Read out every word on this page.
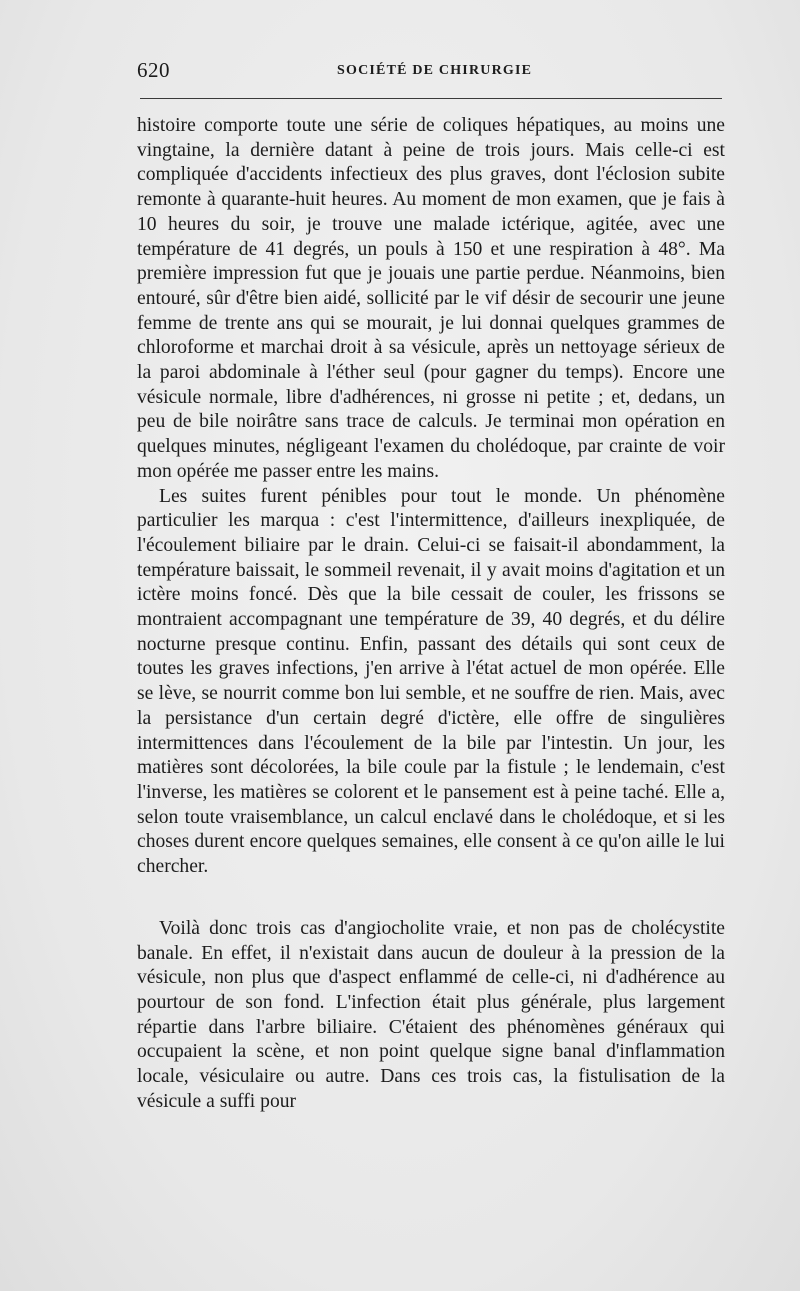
620	SOCIÉTÉ DE CHIRURGIE

histoire comporte toute une série de coliques hépatiques, au moins une vingtaine, la dernière datant à peine de trois jours. Mais celle-ci est compliquée d'accidents infectieux des plus graves, dont l'éclosion subite remonte à quarante-huit heures. Au moment de mon examen, que je fais à 10 heures du soir, je trouve une malade ictérique, agitée, avec une température de 41 degrés, un pouls à 150 et une respiration à 48°. Ma première impression fut que je jouais une partie perdue. Néanmoins, bien entouré, sûr d'être bien aidé, sollicité par le vif désir de secourir une jeune femme de trente ans qui se mourait, je lui donnai quelques grammes de chloroforme et marchai droit à sa vésicule, après un nettoyage sérieux de la paroi abdominale à l'éther seul (pour gagner du temps). Encore une vésicule normale, libre d'adhérences, ni grosse ni petite ; et, dedans, un peu de bile noirâtre sans trace de calculs. Je terminai mon opération en quelques minutes, négligeant l'examen du cholédoque, par crainte de voir mon opérée me passer entre les mains.

Les suites furent pénibles pour tout le monde. Un phénomène particulier les marqua : c'est l'intermittence, d'ailleurs inexpliquée, de l'écoulement biliaire par le drain. Celui-ci se faisait-il abondamment, la température baissait, le sommeil revenait, il y avait moins d'agitation et un ictère moins foncé. Dès que la bile cessait de couler, les frissons se montraient accompagnant une température de 39, 40 degrés, et du délire nocturne presque continu. Enfin, passant des détails qui sont ceux de toutes les graves infections, j'en arrive à l'état actuel de mon opérée. Elle se lève, se nourrit comme bon lui semble, et ne souffre de rien. Mais, avec la persistance d'un certain degré d'ictère, elle offre de singulières intermittences dans l'écoulement de la bile par l'intestin. Un jour, les matières sont décolorées, la bile coule par la fistule ; le lendemain, c'est l'inverse, les matières se colorent et le pansement est à peine taché. Elle a, selon toute vraisemblance, un calcul enclavé dans le cholédoque, et si les choses durent encore quelques semaines, elle consent à ce qu'on aille le lui chercher.

Voilà donc trois cas d'angiocholite vraie, et non pas de cholécystite banale. En effet, il n'existait dans aucun de douleur à la pression de la vésicule, non plus que d'aspect enflammé de celle-ci, ni d'adhérence au pourtour de son fond. L'infection était plus générale, plus largement répartie dans l'arbre biliaire. C'étaient des phénomènes généraux qui occupaient la scène, et non point quelque signe banal d'inflammation locale, vésiculaire ou autre. Dans ces trois cas, la fistulisation de la vésicule a suffi pour
